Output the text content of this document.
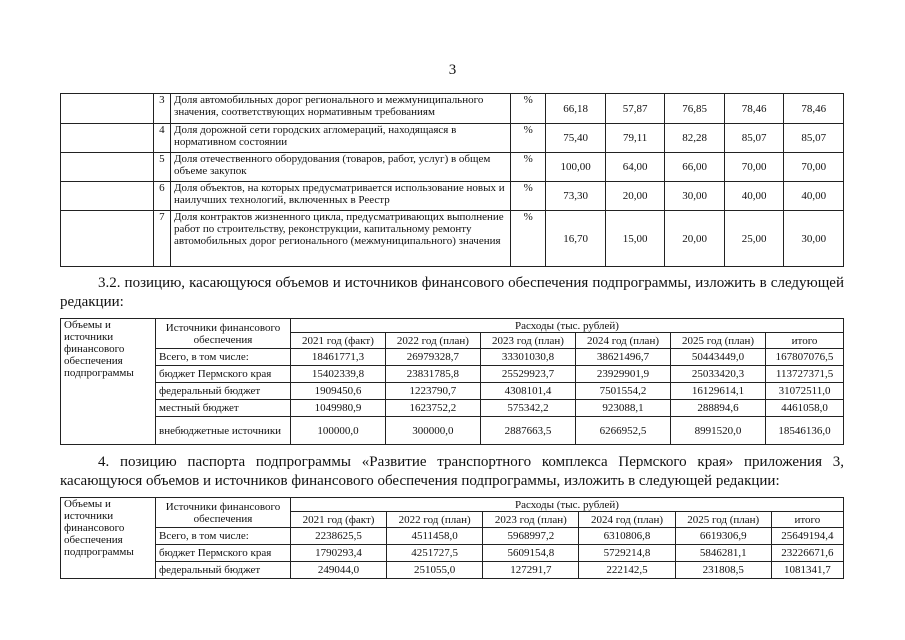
3
	3	Доля автомобильных дорог регионального и межмуниципального значения, соответствующих нормативным требованиям	%	66,18	57,87	76,85	78,46	78,46
	4	Доля дорожной сети городских агломераций, находящаяся в нормативном состоянии	%	75,40	79,11	82,28	85,07	85,07
	5	Доля отечественного оборудования (товаров, работ, услуг) в общем объеме закупок	%	100,00	64,00	66,00	70,00	70,00
	6	Доля объектов, на которых предусматривается использование новых и наилучших технологий, включенных в Реестр	%	73,30	20,00	30,00	40,00	40,00
	7	Доля контрактов жизненного цикла, предусматривающих выполнение работ по строительству, реконструкции, капитальному ремонту автомобильных дорог регионального (межмуниципального) значения	%	16,70	15,00	20,00	25,00	30,00
3.2. позицию, касающуюся объемов и источников финансового обеспечения подпрограммы, изложить в следующей редакции:
Объемы и источники финансового обеспечения подпрограммы	Источники финансового обеспечения	Расходы (тыс. рублей)					
		2021 год (факт)	2022 год (план)	2023 год (план)	2024 год (план)	2025 год (план)	итого
	Всего, в том числе:	18461771,3	26979328,7	33301030,8	38621496,7	50443449,0	167807076,5
	бюджет Пермского края	15402339,8	23831785,8	25529923,7	23929901,9	25033420,3	113727371,5
	федеральный бюджет	1909450,6	1223790,7	4308101,4	7501554,2	16129614,1	31072511,0
	местный бюджет	1049980,9	1623752,2	575342,2	923088,1	288894,6	4461058,0
	внебюджетные источники	100000,0	300000,0	2887663,5	6266952,5	8991520,0	18546136,0
4. позицию паспорта подпрограммы «Развитие транспортного комплекса Пермского края» приложения 3, касающуюся объемов и источников финансового обеспечения подпрограммы, изложить в следующей редакции:
Объемы и источники финансового обеспечения подпрограммы	Источники финансового обеспечения	Расходы (тыс. рублей)					
		2021 год (факт)	2022 год (план)	2023 год (план)	2024 год (план)	2025 год (план)	итого
	Всего, в том числе:	2238625,5	4511458,0	5968997,2	6310806,8	6619306,9	25649194,4
	бюджет Пермского края	1790293,4	4251727,5	5609154,8	5729214,8	5846281,1	23226671,6
	федеральный бюджет	249044,0	251055,0	127291,7	222142,5	231808,5	1081341,7
